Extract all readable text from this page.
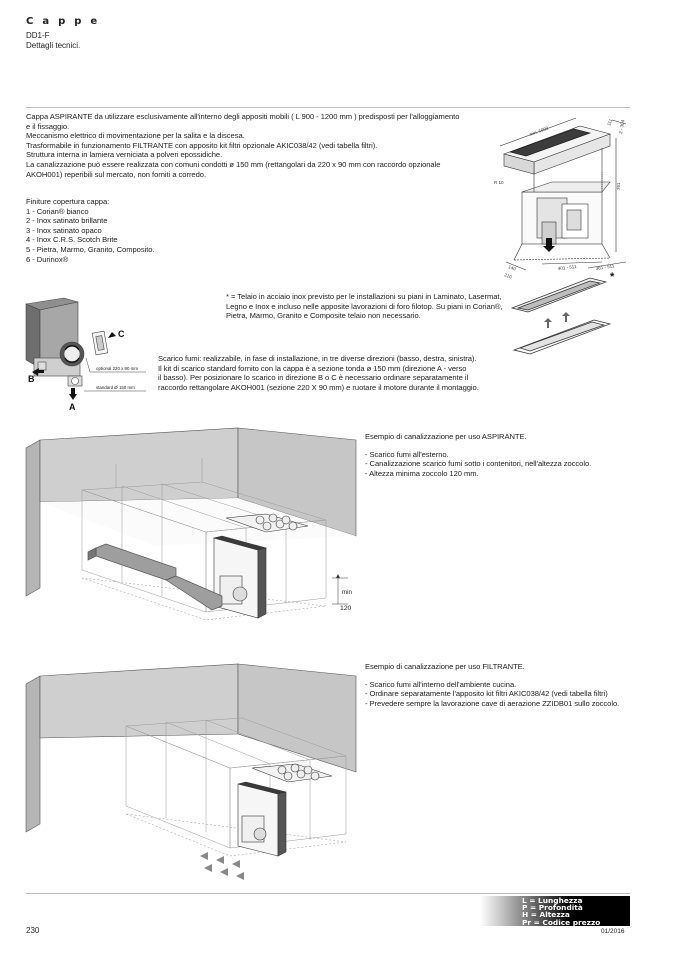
Cappe
DD1-F
Dettagli tecnici.
Cappa ASPIRANTE da utilizzare esclusivamente all'interno degli appositi mobili ( L 900 - 1200 mm ) predisposti per l'alloggiamento
e il fissaggio.
Meccanismo elettrico di movimentazione per la salita e la discesa.
Trasformabile in funzionamento FILTRANTE con apposito kit filtri opzionale AKIC038/42 (vedi tabella filtri).
Struttura interna in lamiera verniciata a polveri epossidiche.
La canalizzazione può essere realizzata con comuni condotti ø 150 mm (rettangolari da 220 x 90 mm con raccordo opzionale
AKOH001) reperibili sul mercato, non forniti a corredo.
Finiture copertura cappa:
1 - Corian® bianco
2 - Inox satinato brillante
3 - Inox satinato opaco
4 - Inox C.R.S. Scotch Brite
5 - Pietra, Marmo, Granito, Composito.
6 - Durinox®
min. 1000
111 2 - 304
R 10	761
140
210
401 - 511	361 - 511
* = Telaio in acciaio inox previsto per le installazioni su piani in Laminato, Lasermat,
Legno e Inox e incluso nelle apposite lavorazioni di foro filotop. Su piani in Corian®,
Pietra, Marmo, Granito e Composite telaio non necessario.
*
C
B
A
optional 220 x 90 mm
standard Ø 150 mm
Scarico fumi: realizzabile, in fase di installazione, in tre diverse direzioni (basso, destra, sinistra).
Il kit di scarico standard fornito con la cappa è a sezione tonda ø 150 mm (direzione A - verso
il basso). Per posizionare lo scarico in direzione B o C è necessario ordinare separatamente il
raccordo rettangolare AKOH001 (sezione 220 X 90 mm) e ruotare il motore durante il montaggio.
min
120
Esempio di canalizzazione per uso ASPIRANTE.
- Scarico fumi all'esterno.
- Canalizzazione scarico fumi sotto i contenitori, nell'altezza zoccolo.
- Altezza minima zoccolo 120 mm.
Esempio di canalizzazione per uso FILTRANTE.
- Scarico fumi all'interno dell'ambiente cucina.
- Ordinare separatamente l'apposito kit filtri AKIC038/42 (vedi tabella filtri)
- Prevedere sempre la lavorazione cave di aerazione ZZIDB01 sullo zoccolo.
L = Lunghezza
P = Profondità
H = Altezza
Pr = Codice prezzo
230	01/2016
